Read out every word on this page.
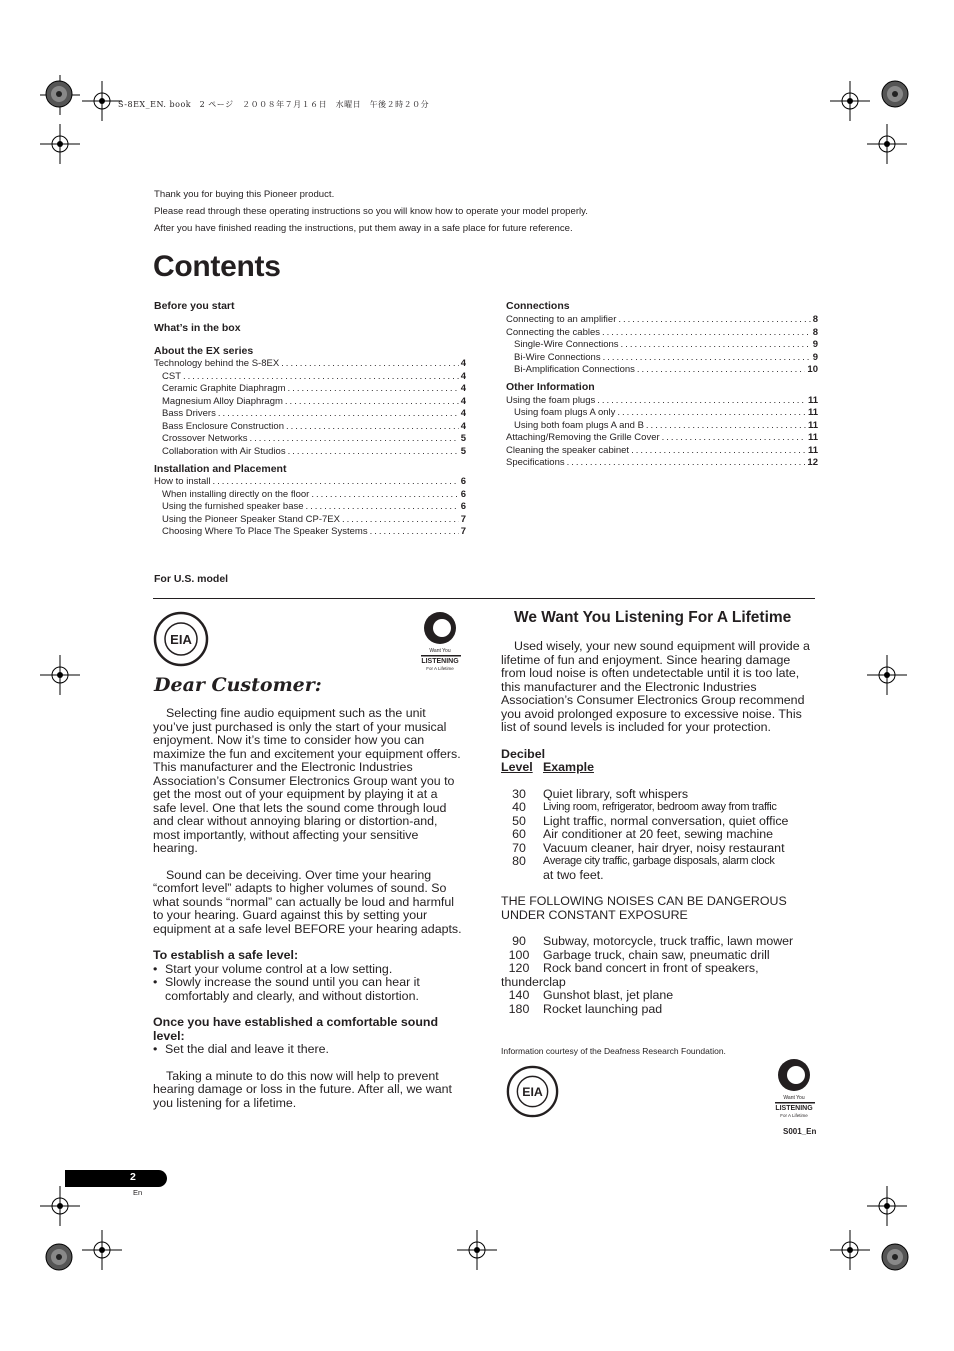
S-8EX_EN. book　2 ページ　２００８年７月１６日　水曜日　午後２時２０分
Thank you for buying this Pioneer product.
Please read through these operating instructions so you will know how to operate your model properly.
After you have finished reading the instructions, put them away in a safe place for future reference.
Contents
Before you start
What’s in the box
About the EX series
Technology behind the S-8EX .....	4
CST .....	4
Ceramic Graphite Diaphragm .....	4
Magnesium Alloy Diaphragm .....	4
Bass Drivers .....	4
Bass Enclosure Construction .....	4
Crossover Networks .....	5
Collaboration with Air Studios .....	5
Installation and Placement
How to install .....	6
When installing directly on the floor .....	6
Using the furnished speaker base .....	6
Using the Pioneer Speaker Stand CP-7EX .....	7
Choosing Where To Place The Speaker Systems .....	7
Connections
Connecting to an amplifier .....	8
Connecting the cables .....	8
Single-Wire Connections .....	9
Bi-Wire Connections .....	9
Bi-Amplification Connections .....	10
Other Information
Using the foam plugs .....	11
Using foam plugs A only .....	11
Using both foam plugs A and B .....	11
Attaching/Removing the Grille Cover .....	11
Cleaning the speaker cabinet .....	11
Specifications .....	12
For U.S. model
EIA
Want You
LISTENING
For A Lifetime
Dear Customer:
Selecting fine audio equipment such as the unit you’ve just purchased is only the start of your musical enjoyment. Now it’s time to consider how you can maximize the fun and excitement your equipment offers. This manufacturer and the Electronic Industries Association’s Consumer Electronics Group want you to get the most out of your equipment by playing it at a safe level. One that lets the sound come through loud and clear without annoying blaring or distortion-and, most importantly, without affecting your sensitive hearing.
Sound can be deceiving. Over time your hearing “comfort level” adapts to higher volumes of sound. So what sounds “normal” can actually be loud and harmful to your hearing. Guard against this by setting your equipment at a safe level BEFORE your hearing adapts.
To establish a safe level:
• Start your volume control at a low setting.
• Slowly increase the sound until you can hear it comfortably and clearly, and without distortion.
Once you have established a comfortable sound level:
• Set the dial and leave it there.
Taking a minute to do this now will help to prevent hearing damage or loss in the future. After all, we want you listening for a lifetime.
We Want You Listening For A Lifetime
Used wisely, your new sound equipment will provide a lifetime of fun and enjoyment. Since hearing damage from loud noise is often undetectable until it is too late, this manufacturer and the Electronic Industries Association’s Consumer Electronics Group recommend you avoid prolonged exposure to excessive noise. This list of sound levels is included for your protection.
Decibel
Level Example
30	Quiet library, soft whispers
40	Living room, refrigerator, bedroom away from traffic
50	Light traffic, normal conversation, quiet office
60	Air conditioner at 20 feet, sewing machine
70	Vacuum cleaner, hair dryer, noisy restaurant
80	Average city traffic, garbage disposals, alarm clock
at two feet.
THE FOLLOWING NOISES CAN BE DANGEROUS UNDER CONSTANT EXPOSURE
90	Subway, motorcycle, truck traffic, lawn mower
100	Garbage truck, chain saw, pneumatic drill
120	Rock band concert in front of speakers,
thunderclap
140	Gunshot blast, jet plane
180	Rocket launching pad
Information courtesy of the Deafness Research Foundation.
EIA	Want You
LISTENING
For A Lifetime
S001_En
2
En
